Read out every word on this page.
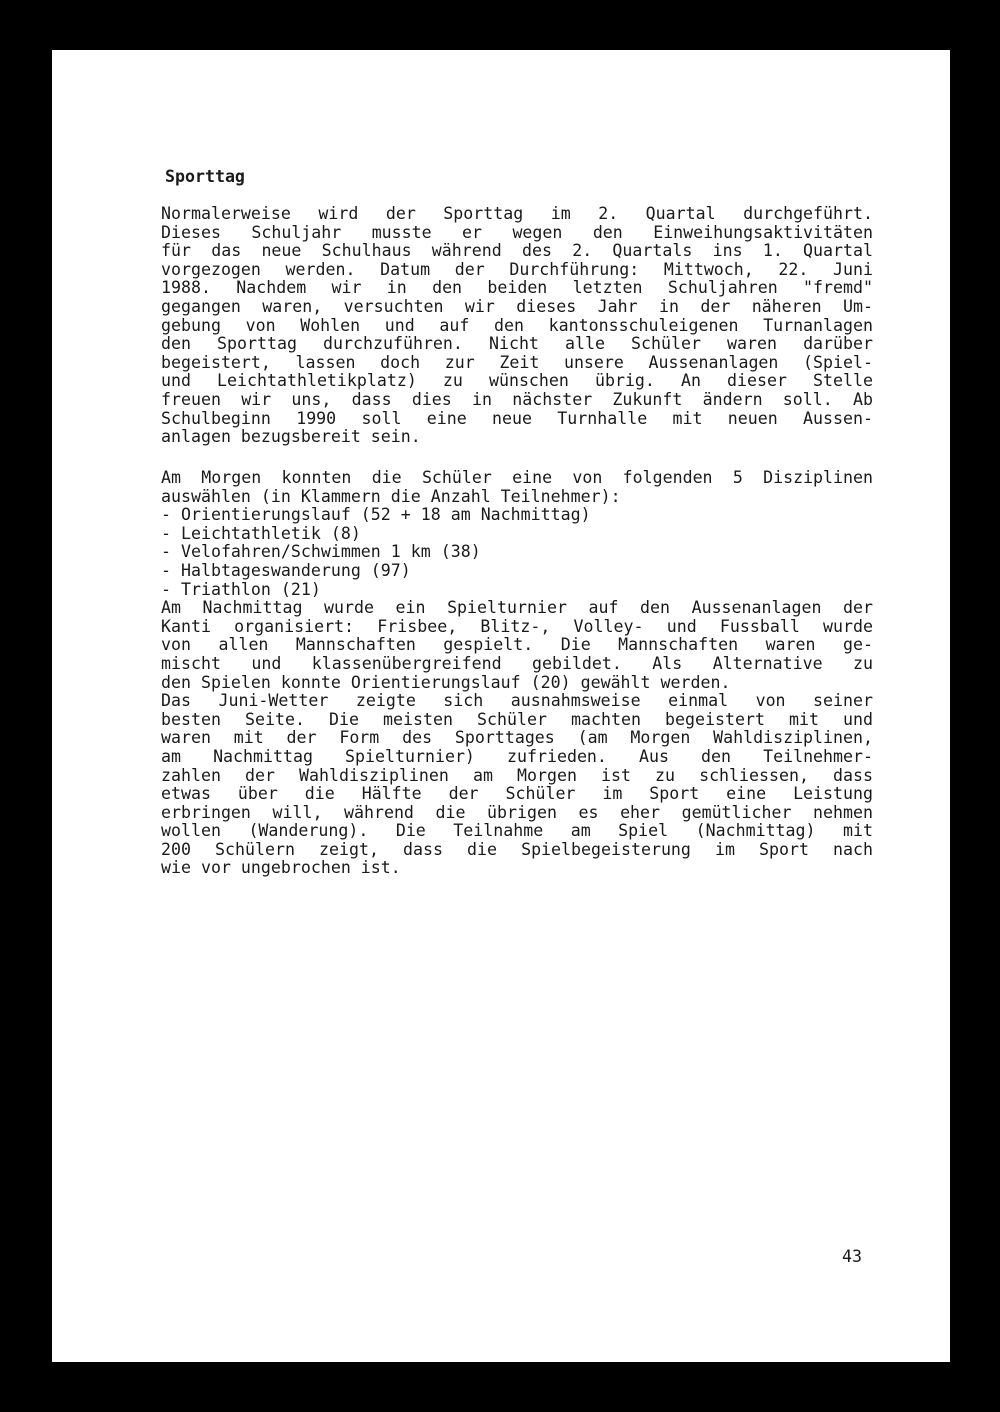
Sporttag
Normalerweise wird der Sporttag im 2. Quartal durchgeführt.
Dieses Schuljahr musste er wegen den Einweihungsaktivitäten
für das neue Schulhaus während des 2. Quartals ins 1. Quartal
vorgezogen werden. Datum der Durchführung: Mittwoch, 22. Juni
1988. Nachdem wir in den beiden letzten Schuljahren "fremd"
gegangen waren, versuchten wir dieses Jahr in der näheren Um-
gebung von Wohlen und auf den kantonsschuleigenen Turnanlagen
den Sporttag durchzuführen. Nicht alle Schüler waren darüber
begeistert, lassen doch zur Zeit unsere Aussenanlagen (Spiel-
und Leichtathletikplatz) zu wünschen übrig. An dieser Stelle
freuen wir uns, dass dies in nächster Zukunft ändern soll. Ab
Schulbeginn 1990 soll eine neue Turnhalle mit neuen Aussen-
anlagen bezugsbereit sein.
Am Morgen konnten die Schüler eine von folgenden 5 Disziplinen
auswählen (in Klammern die Anzahl Teilnehmer):
- Orientierungslauf (52 + 18 am Nachmittag)
- Leichtathletik (8)
- Velofahren/Schwimmen 1 km (38)
- Halbtageswanderung (97)
- Triathlon (21)
Am Nachmittag wurde ein Spielturnier auf den Aussenanlagen der
Kanti organisiert: Frisbee, Blitz-, Volley- und Fussball wurde
von allen Mannschaften gespielt. Die Mannschaften waren ge-
mischt und klassenübergreifend gebildet. Als Alternative zu
den Spielen konnte Orientierungslauf (20) gewählt werden.
Das Juni-Wetter zeigte sich ausnahmsweise einmal von seiner
besten Seite. Die meisten Schüler machten begeistert mit und
waren mit der Form des Sporttages (am Morgen Wahldisziplinen,
am Nachmittag Spielturnier) zufrieden. Aus den Teilnehmer-
zahlen der Wahldisziplinen am Morgen ist zu schliessen, dass
etwas über die Hälfte der Schüler im Sport eine Leistung
erbringen will, während die übrigen es eher gemütlicher nehmen
wollen (Wanderung). Die Teilnahme am Spiel (Nachmittag) mit
200 Schülern zeigt, dass die Spielbegeisterung im Sport nach
wie vor ungebrochen ist.
43
